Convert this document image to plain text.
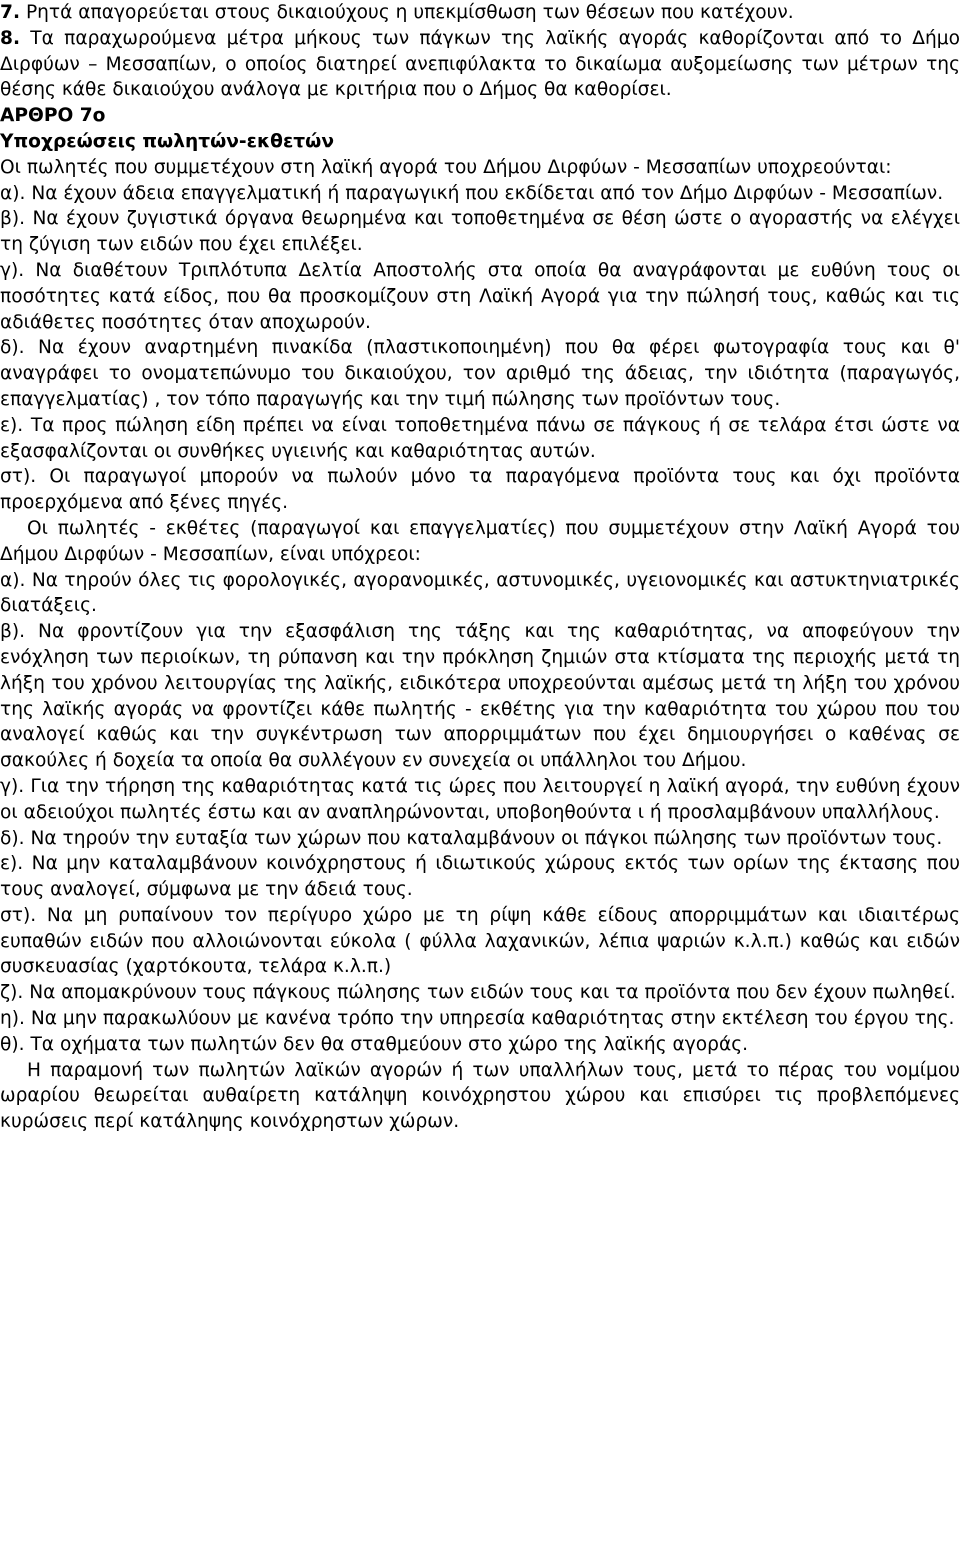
7. Ρητά απαγορεύεται στους δικαιούχους η υπεκμίσθωση των θέσεων που κατέχουν.

8. Τα παραχωρούμενα μέτρα μήκους των πάγκων της λαϊκής αγοράς καθορίζονται από το Δήμο Διρφύων – Μεσσαπίων, ο οποίος διατηρεί ανεπιφύλακτα το δικαίωμα αυξομείωσης των μέτρων της θέσης κάθε δικαιούχου ανάλογα με κριτήρια που ο Δήμος θα καθορίσει.

ΑΡΘΡΟ 7ο

Υποχρεώσεις πωλητών-εκθετών

Οι πωλητές που συμμετέχουν στη λαϊκή αγορά του Δήμου Διρφύων - Μεσσαπίων υποχρεούνται:

α). Να έχουν άδεια επαγγελματική ή παραγωγική που εκδίδεται από τον Δήμο Διρφύων - Μεσσαπίων.

β). Να έχουν ζυγιστικά όργανα θεωρημένα και τοποθετημένα σε θέση ώστε ο αγοραστής να ελέγχει τη ζύγιση των ειδών που έχει επιλέξει.

γ). Να διαθέτουν Τριπλότυπα Δελτία Αποστολής στα οποία θα αναγράφονται με ευθύνη τους οι ποσότητες κατά είδος, που θα προσκομίζουν στη Λαϊκή Αγορά για την πώλησή τους, καθώς και τις αδιάθετες ποσότητες όταν αποχωρούν.

δ). Να έχουν αναρτημένη πινακίδα (πλαστικοποιημένη) που θα φέρει φωτογραφία τους και θ' αναγράφει το ονοματεπώνυμο του δικαιούχου, τον αριθμό της άδειας, την ιδιότητα (παραγωγός, επαγγελματίας) , τον τόπο παραγωγής και την τιμή πώλησης των προϊόντων τους.

ε). Τα προς πώληση είδη πρέπει να είναι τοποθετημένα πάνω σε πάγκους ή σε τελάρα έτσι ώστε να εξασφαλίζονται οι συνθήκες υγιεινής και καθαριότητας αυτών.

στ). Οι παραγωγοί μπορούν να πωλούν μόνο τα παραγόμενα προϊόντα τους και όχι προϊόντα προερχόμενα από ξένες πηγές.

Οι πωλητές - εκθέτες (παραγωγοί και επαγγελματίες) που συμμετέχουν στην Λαϊκή Αγορά του Δήμου Διρφύων - Μεσσαπίων, είναι υπόχρεοι:

α). Να τηρούν όλες τις φορολογικές, αγορανομικές, αστυνομικές, υγειονομικές και αστυκτηνιατρικές διατάξεις.

β). Να φροντίζουν για την εξασφάλιση της τάξης και της καθαριότητας, να αποφεύγουν την ενόχληση των περιοίκων, τη ρύπανση και την πρόκληση ζημιών στα κτίσματα της περιοχής μετά τη λήξη του χρόνου λειτουργίας της λαϊκής, ειδικότερα υποχρεούνται αμέσως μετά τη λήξη του χρόνου της λαϊκής αγοράς να φροντίζει κάθε πωλητής - εκθέτης για την καθαριότητα του χώρου που του αναλογεί καθώς και την συγκέντρωση των απορριμμάτων που έχει δημιουργήσει ο καθένας σε σακούλες ή δοχεία τα οποία θα συλλέγουν εν συνεχεία οι υπάλληλοι του Δήμου.

γ). Για την τήρηση της καθαριότητας κατά τις ώρες που λειτουργεί η λαϊκή αγορά, την ευθύνη έχουν οι αδειούχοι πωλητές έστω και αν αναπληρώνονται, υποβοηθούντα ι ή προσλαμβάνουν υπαλλήλους.

δ). Να τηρούν την ευταξία των χώρων που καταλαμβάνουν οι πάγκοι πώλησης των προϊόντων τους.

ε). Να μην καταλαμβάνουν κοινόχρηστους ή ιδιωτικούς χώρους εκτός των ορίων της έκτασης που τους αναλογεί, σύμφωνα με την άδειά τους.

στ). Να μη ρυπαίνουν τον περίγυρο χώρο με τη ρίψη κάθε είδους απορριμμάτων και ιδιαιτέρως ευπαθών ειδών που αλλοιώνονται εύκολα ( φύλλα λαχανικών, λέπια ψαριών κ.λ.π.) καθώς και ειδών συσκευασίας (χαρτόκουτα, τελάρα κ.λ.π.)

ζ). Να απομακρύνουν τους πάγκους πώλησης των ειδών τους και τα προϊόντα που δεν έχουν πωληθεί.

η). Να μην παρακωλύουν με κανένα τρόπο την υπηρεσία καθαριότητας στην εκτέλεση του έργου της.

θ). Τα οχήματα των πωλητών δεν θα σταθμεύουν στο χώρο της λαϊκής αγοράς.

Η παραμονή των πωλητών λαϊκών αγορών ή των υπαλλήλων τους, μετά το πέρας του νομίμου ωραρίου θεωρείται αυθαίρετη κατάληψη κοινόχρηστου χώρου και επισύρει τις προβλεπόμενες κυρώσεις περί κατάληψης κοινόχρηστων χώρων.
